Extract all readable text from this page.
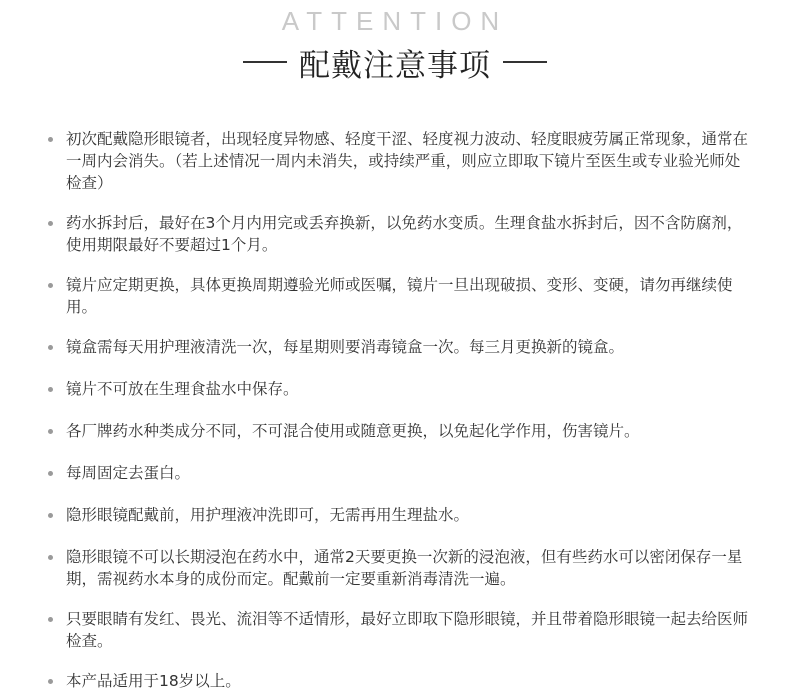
ATTENTION
配戴注意事项
初次配戴隐形眼镜者，出现轻度异物感、轻度干涩、轻度视力波动、轻度眼疲劳属正常现象，通常在一周内会消失。（若上述情况一周内未消失，或持续严重，则应立即取下镜片至医生或专业验光师处检查）
药水拆封后，最好在3个月内用完或丢弃换新，以免药水变质。生理食盐水拆封后，因不含防腐剂，使用期限最好不要超过1个月。
镜片应定期更换，具体更换周期遵验光师或医嘱，镜片一旦出现破损、变形、变硬，请勿再继续使用。
镜盒需每天用护理液清洗一次，每星期则要消毒镜盒一次。每三月更换新的镜盒。
镜片不可放在生理食盐水中保存。
各厂牌药水种类成分不同，不可混合使用或随意更换，以免起化学作用，伤害镜片。
每周固定去蛋白。
隐形眼镜配戴前，用护理液冲洗即可，无需再用生理盐水。
隐形眼镜不可以长期浸泡在药水中，通常2天要更换一次新的浸泡液，但有些药水可以密闭保存一星期，需视药水本身的成份而定。配戴前一定要重新消毒清洗一遍。
只要眼睛有发红、畏光、流泪等不适情形，最好立即取下隐形眼镜，并且带着隐形眼镜一起去给医师检查。
本产品适用于18岁以上。
